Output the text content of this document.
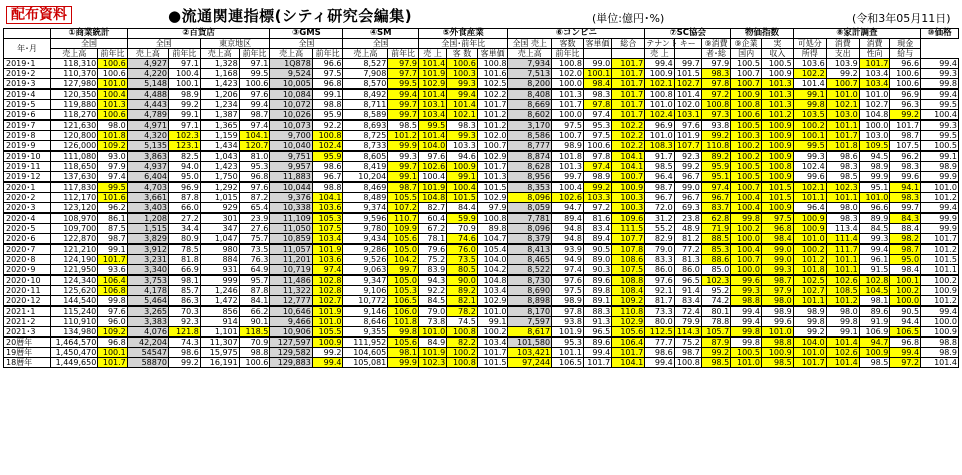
配布資料	●流通関連指標(シティ研究会編集)	(単位:億円･%)	(令和3年05月11日)
	①商業統計		②百貨店				③GMS		④SM		⑤外食産業			⑥コンビニ				⑦SC協会			物価指数		⑧家計調査				⑩価格
年･月	全国		全国		東京地区		全国		全国		全国･前年比			全国 売上	客数	客単価	総合	テナント	キー	⑨消費	⑨企業	実	可処分	消費	消費	現金	
	売上高	前年比	売上高	前年比	売上高	前年比	売上高	前年比	売上高	前年比	売 上	客 数	客単価	売上高	前年比			売 上		者･総	国内	収入	所得	支出	性向	給与	
2019･1	118,310	100.6	4,927	97.1	1,328	97.1	1Q878	96.6	8,527	97.9	101.4	100.6	100.8	7,934	100.8	99.0	101.7	99.4	99.7	97.9	100.5	100.5	103.6	103.9	101.7	96.6	99.4
2019･2	110,370	100.6	4,220	100.4	1,168	99.5	9,524	97.5	7,908	97.7	101.9	100.3	101.6	7,513	102.0	100.1	101.7	100.9	101.5	98.3	100.7	100.9	102.2	99.2	103.4	100.6	99.3
2019･3	127,980	101.0	5,148	100.1	1,423	100.6	10,005	96.8	8,570	99.5	102.9	99.3	102.5	8,200	100.0	98.4	101.7	102.1	102.7	97.8	100.7	101.3	101.4	100.7	103.4	100.6	99.8
2019･4	120,350	100.4	4,488	98.9	1,206	97.6	10,084	99.1	8,492	99.4	101.4	99.4	102.2	8,408	101.3	98.3	101.7	100.8	101.4	97.2	100.9	101.3	99.1	101.0	101.0	96.9	99.4
2019･5	119,880	101.3	4,443	99.2	1,234	99.4	10,072	98.8	8,711	99.7	103.1	101.4	101.7	8,669	101.7	97.8	101.7	101.0	102.0	100.8	100.8	101.3	99.8	102.1	102.7	96.3	99.5
2019･6	118,270	100.6	4,789	99.1	1,387	98.7	10,026	95.9	8,589	99.7	103.4	102.1	101.2	8,602	100.0	97.4	101.7	102.4	103.1	97.3	100.6	101.2	103.5	103.0	104.8	99.2	100.4
2019･7	121,630	98.0	4,971	97.1	1,365	97.4	10,073	92.2	8,693	98.5	99.5	98.3	101.2	3,170	97.5	95.3	102.2	96.9	97.6	93.8	100.5	100.9	100.2	101.1	100.0	101.7	99.3
2019･8	120,800	101.8	4,320	102.3	1,159	104.1	9,700	100.8	8,725	101.2	101.4	99.3	102.0	8,586	100.7	97.5	102.2	101.0	101.9	99.2	100.3	100.9	100.1	101.7	103.0	98.7	99.5
2019･9	126,000	109.2	5,135	123.1	1,434	120.7	10,040	102.4	8,733	99.9	104.0	103.3	100.7	8,777	98.9	100.6	102.2	108.3	107.7	110.8	100.2	100.9	99.5	101.8	109.5	107.5	100.5
2019･10	111,080	93.0	3,863	82.5	1,043	81.0	9,751	95.9	8,605	99.3	97.6	94.6	102.9	8,874	101.8	97.8	104.1	91.7	92.3	89.2	100.2	100.9	99.3	98.6	94.5	96.2	99.1
2019･11	118,650	97.9	4,937	94.0	1,423	95.3	9,957	98.6	8,419	99.7	102.6	100.9	101.7	8,628	101.3	97.4	104.1	98.5	99.2	95.9	100.5	100.8	102.4	98.3	98.9	98.3	98.9
2019･12	137,630	97.4	6,404	95.0	1,750	96.8	11,883	96.7	10,204	99.1	100.4	99.1	101.3	8,956	99.7	98.9	100.7	96.4	96.7	95.1	100.5	100.9	99.6	98.5	99.9	99.6	99.9
2020･1	117,830	99.5	4,703	96.9	1,292	97.6	10,044	98.8	8,469	98.7	101.9	100.4	101.5	8,353	100.4	99.2	100.9	98.7	99.0	97.4	100.7	101.5	102.1	102.3	95.1	94.1	101.0
2020･2	112,170	101.6	3,661	87.8	1,015	87.2	9,376	104.1	8,489	105.5	104.8	101.5	102.9	8,096	102.6	103.3	100.3	96.7	96.7	96.7	100.4	101.5	101.1	101.1	101.0	98.3	101.2
2020･3	123,120	96.2	3,403	66.0	929	65.4	10,338	103.6	9,374	107.2	82.7	84.4	97.9	8,059	94.7	97.2	100.3	72.0	69.3	83.7	100.4	100.9	96.4	98.0	96.6	99.7	99.4
2020･4	108,970	86.1	1,208	27.2	301	23.9	11,109	105.3	9,596	110.7	60.4	59.9	100.8	7,781	89.4	81.6	109.6	31.2	23.8	62.8	99.8	97.5	100.9	98.3	89.9	84.3	99.9
2020･5	109,700	87.5	1,515	34.4	347	27.6	11,050	107.5	9,780	109.9	67.2	70.9	89.8	8,096	94.8	83.4	111.5	55.2	48.9	71.9	100.2	96.8	100.9	113.4	84.5	88.4	99.9
2020･6	122,870	98.7	3,829	80.9	1,047	75.7	10,859	103.4	9,434	105.6	78.1	74.6	104.7	8,379	94.8	89.4	107.7	82.9	81.2	88.5	100.0	98.4	101.0	111.4	99.3	98.2	101.7
2020･7	121,210	99.1	3,912	78.5	980	73.5	11,057	101.9	9,286	105.0	79.6	76.0	105.4	8,413	93.9	90.5	107.8	79.0	77.2	85.3	100.4	99.0	100.2	111.7	99.4	98.7	101.2
2020･8	124,190	101.7	3,231	81.8	884	76.3	11,201	103.6	9,526	104.2	75.2	73.5	104.0	8,465	94.9	89.0	108.6	83.3	81.3	88.6	100.7	99.0	101.2	101.1	96.1	95.0	101.5
2020･9	121,950	93.6	3,340	66.9	931	64.9	10,719	97.4	9,063	99.7	83.9	80.5	104.2	8,522	97.4	90.3	107.5	86.0	86.0	85.0	100.0	99.3	101.8	101.1	91.5	98.4	101.1
2020･10	124,340	106.4	3,753	98.1	999	95.7	11,486	102.8	9,347	105.0	94.3	90.0	104.8	8,730	97.6	89.6	108.8	97.6	96.5	102.3	99.6	98.7	102.5	102.6	102.8	100.1	100.2
2020･11	125,620	106.8	4,178	85.7	1,246	87.8	11,322	102.8	9,106	105.3	92.2	89.2	103.4	8,690	97.5	89.8	108.4	92.1	91.4	95.2	99.3	97.9	102.7	108.5	104.5	100.2	100.9
2020･12	144,540	99.8	5,464	86.3	1,472	84.1	12,777	102.7	10,772	106.5	84.5	82.1	102.9	8,898	98.9	89.1	109.2	81.7	83.4	74.2	98.8	98.0	101.1	101.2	98.1	100.0	101.2
2021･1	115,240	97.6	3,265	70.3	856	66.2	10,646	101.9	9,146	106.0	79.0	78.2	101.0	8,170	97.8	88.3	110.8	73.3	72.4	80.1	99.4	98.9	98.9	98.0	89.6	90.5	99.4
2021･2	110,910	96.0	3,383	92.3	914	90.1	9,466	101.0	8,646	101.8	73.8	74.5	99.1	7,597	93.8	91.3	102.9	80.0	79.9	78.8	99.4	99.6	99.8	99.8	91.9	94.4	100.0
2021･3	134,980	109.2	4,076	121.8	1,101	118.5	10,906	105.5	9,355	99.8	101.0	100.8	100.2	8,617	101.9	96.5	105.6	112.5	114.3	105.7	99.8	101.0	99.2	99.1	106.9	106.5	100.9
20暦年	1,464,570	96.8	42,204	74.3	11,307	70.9	127,597	100.9	111,952	105.6	84.9	82.2	103.4	101,580	95.3	89.6	106.4	77.7	75.2	87.9	99.8	98.8	104.0	101.4	94.7	96.8	98.8
19暦年	1,450,470	100.1	54547	98.6	15,975	98.8	129,582	99.2	104,605	98.1	101.9	100.2	101.7	103,421	101.1	99.4	101.7	98.6	98.7	99.2	100.5	100.9	101.0	102.6	100.9	99.4	98.9
18暦年	1,449,650	101.7	58870	99.2	16,191	100.6	129,883	99.4	105,081	99.9	102.3	100.8	101.5	97,244	106.5	101.7	104.1	99.4	100.8	98.5	101.0	98.5	101.7	101.4	98.5	97.2	101.4
